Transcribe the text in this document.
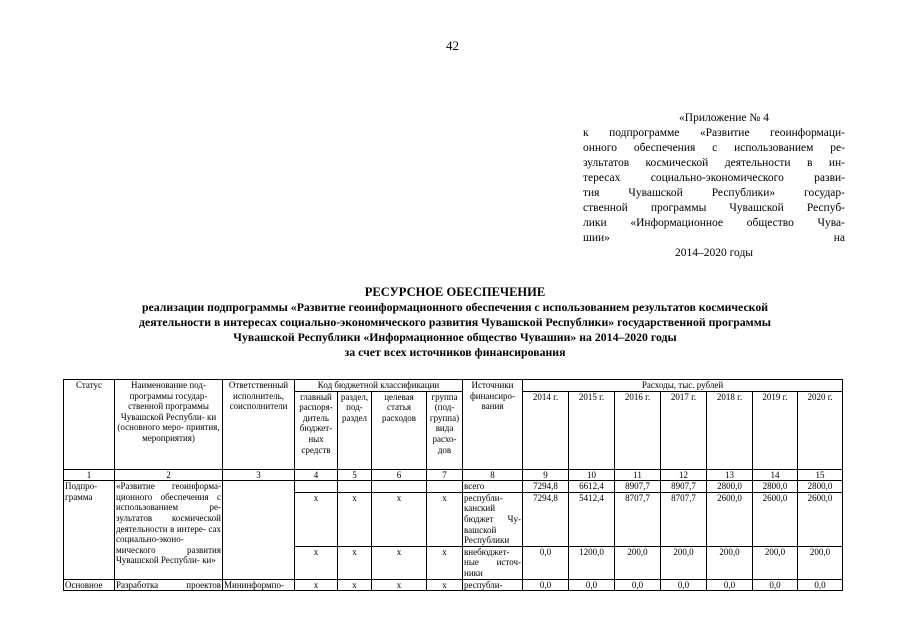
42
«Приложение № 4
к подпрограмме «Развитие геоинформаци-
онного обеспечения с использованием ре-
зультатов космической деятельности в ин-
тересах социально-экономического разви-
тия Чувашской Республики» государ-
ственной программы Чувашской Респуб-
лики «Информационное общество Чува-
шии» на
2014–2020 годы
РЕСУРСНОЕ ОБЕСПЕЧЕНИЕ
реализации подпрограммы «Развитие геоинформационного обеспечения с использованием результатов космической
деятельности в интересах социально-экономического развития Чувашской Республики» государственной программы
Чувашской Республики «Информационное общество Чувашии» на 2014–2020 годы
за счет всех источников финансирования
Статус	Наименование под- программы государ- ственной программы Чувашской Республи- ки (основного меро- приятия, мероприятия)	Ответственный исполнитель, соисполнители	Код бюджетной классификации				Источники финансиро- вания	Расходы, тыс. рублей						
			главный распоря- дитель бюджет- ных средств	раздел, под- раздел	целевая статья расходов	группа (под- группа) вида расхо- дов		2014 г.	2015 г.	2016 г.	2017 г.	2018 г.	2019 г.	2020 г.
1	2	3	4	5	6	7	8	9	10	11	12	13	14	15
Подпро- грамма	«Развитие геоинформа- ционного обеспечения с использованием ре- зультатов космической деятельности в интере- сах социально-эконо- мического развития Чувашской Республи- ки»						всего	7294,8	6612,4	8907,7	8907,7	2800,0	2800,0	2800,0
			х	х	х	х	республи- канский бюджет Чу- вашской Республики	7294,8	5412,4	8707,7	8707,7	2600,0	2600,0	2600,0
			х	х	х	х	внебюджет- ные источ- ники	0,0	1200,0	200,0	200,0	200,0	200,0	200,0
Основное	Разработка проектов	Мининформпо-	х	х	х	х	республи-	0,0	0,0	0,0	0,0	0,0	0,0	0,0
